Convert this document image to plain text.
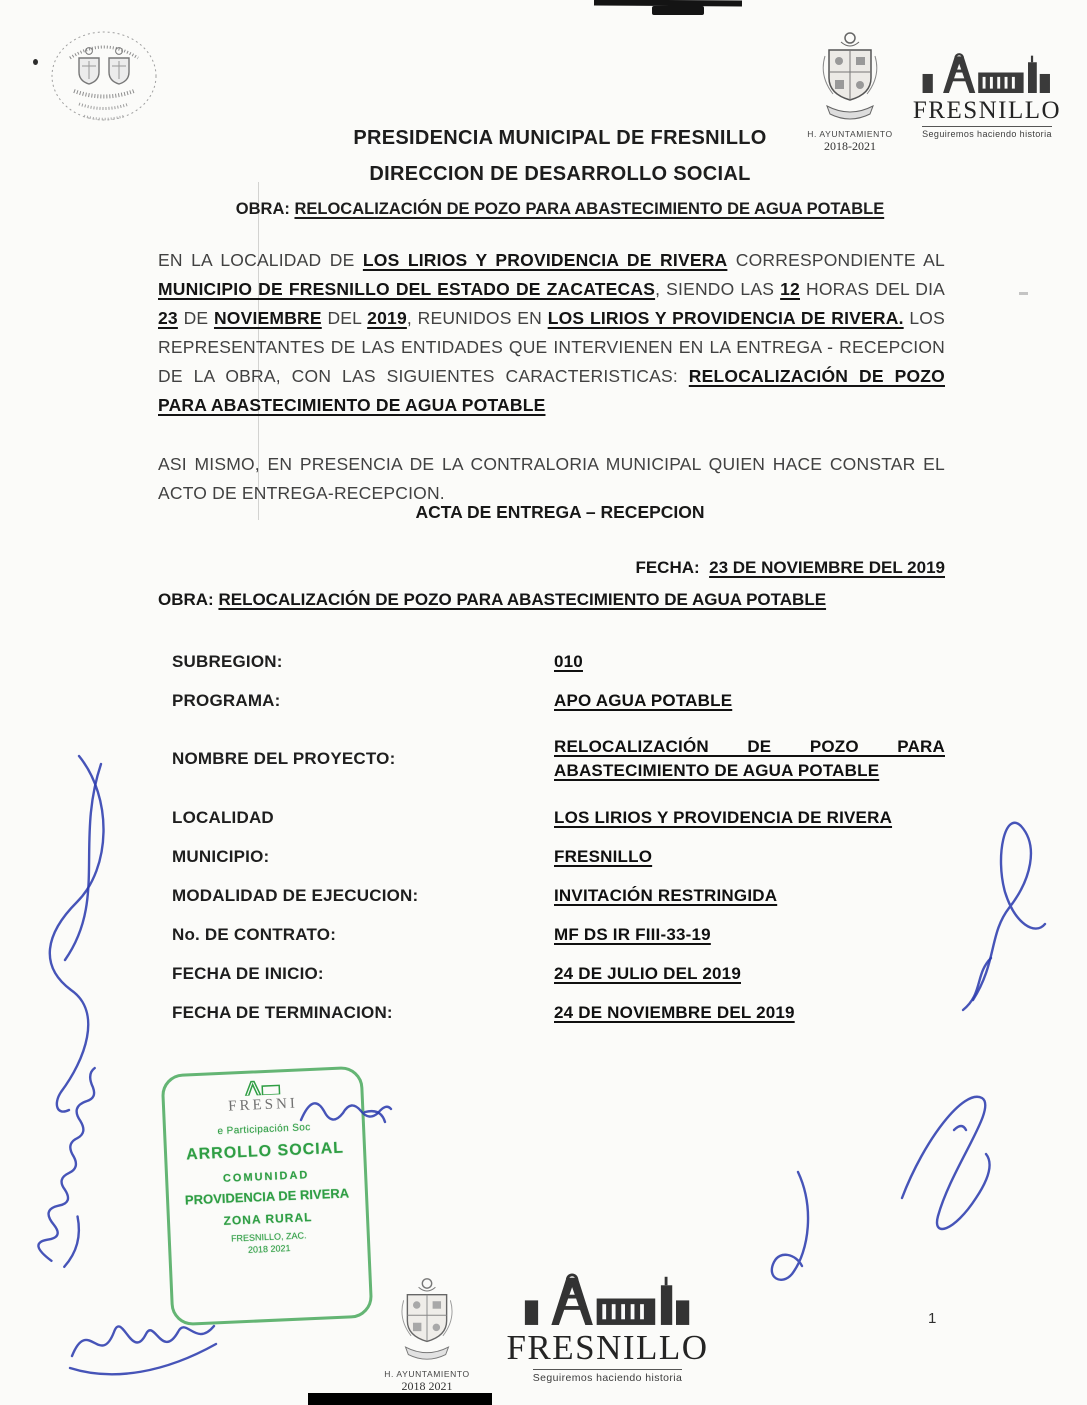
PRESIDENCIA MUNICIPAL DE FRESNILLO
DIRECCION DE DESARROLLO SOCIAL
OBRA: RELOCALIZACIÓN DE POZO PARA ABASTECIMIENTO DE AGUA POTABLE
H. AYUNTAMIENTO
2018-2021
FRESNILLO
Seguiremos haciendo historia
EN LA LOCALIDAD DE LOS LIRIOS Y PROVIDENCIA DE RIVERA CORRESPONDIENTE AL MUNICIPIO DE FRESNILLO DEL ESTADO DE ZACATECAS, SIENDO LAS 12 HORAS DEL DIA 23 DE NOVIEMBRE DEL 2019, REUNIDOS EN LOS LIRIOS Y PROVIDENCIA DE RIVERA. LOS REPRESENTANTES DE LAS ENTIDADES QUE INTERVIENEN EN LA ENTREGA - RECEPCION DE LA OBRA, CON LAS SIGUIENTES CARACTERISTICAS: RELOCALIZACIÓN DE POZO PARA ABASTECIMIENTO DE AGUA POTABLE
ASI MISMO, EN PRESENCIA DE LA CONTRALORIA MUNICIPAL QUIEN HACE CONSTAR EL ACTO DE ENTREGA-RECEPCION.
ACTA DE ENTREGA – RECEPCION
FECHA: 23 DE NOVIEMBRE DEL 2019
OBRA: RELOCALIZACIÓN DE POZO PARA ABASTECIMIENTO DE AGUA POTABLE
SUBREGION:	010
PROGRAMA:	APO AGUA POTABLE
NOMBRE DEL PROYECTO:
RELOCALIZACIÓN DE POZO PARA
ABASTECIMIENTO DE AGUA POTABLE
LOCALIDAD	LOS LIRIOS Y PROVIDENCIA DE RIVERA
MUNICIPIO:	FRESNILLO
MODALIDAD DE EJECUCION:	INVITACIÓN RESTRINGIDA
No. DE CONTRATO:	MF DS IR FIII-33-19
FECHA DE INICIO:	24 DE JULIO DEL 2019
FECHA DE TERMINACION:	24 DE NOVIEMBRE DEL 2019
FRESNI
e Participación Soc
ARROLLO SOCIAL
COMUNIDAD
PROVIDENCIA DE RIVERA
ZONA RURAL
FRESNILLO, ZAC.
2018 2021
H. AYUNTAMIENTO
2018 2021
FRESNILLO
Seguiremos haciendo historia
1
